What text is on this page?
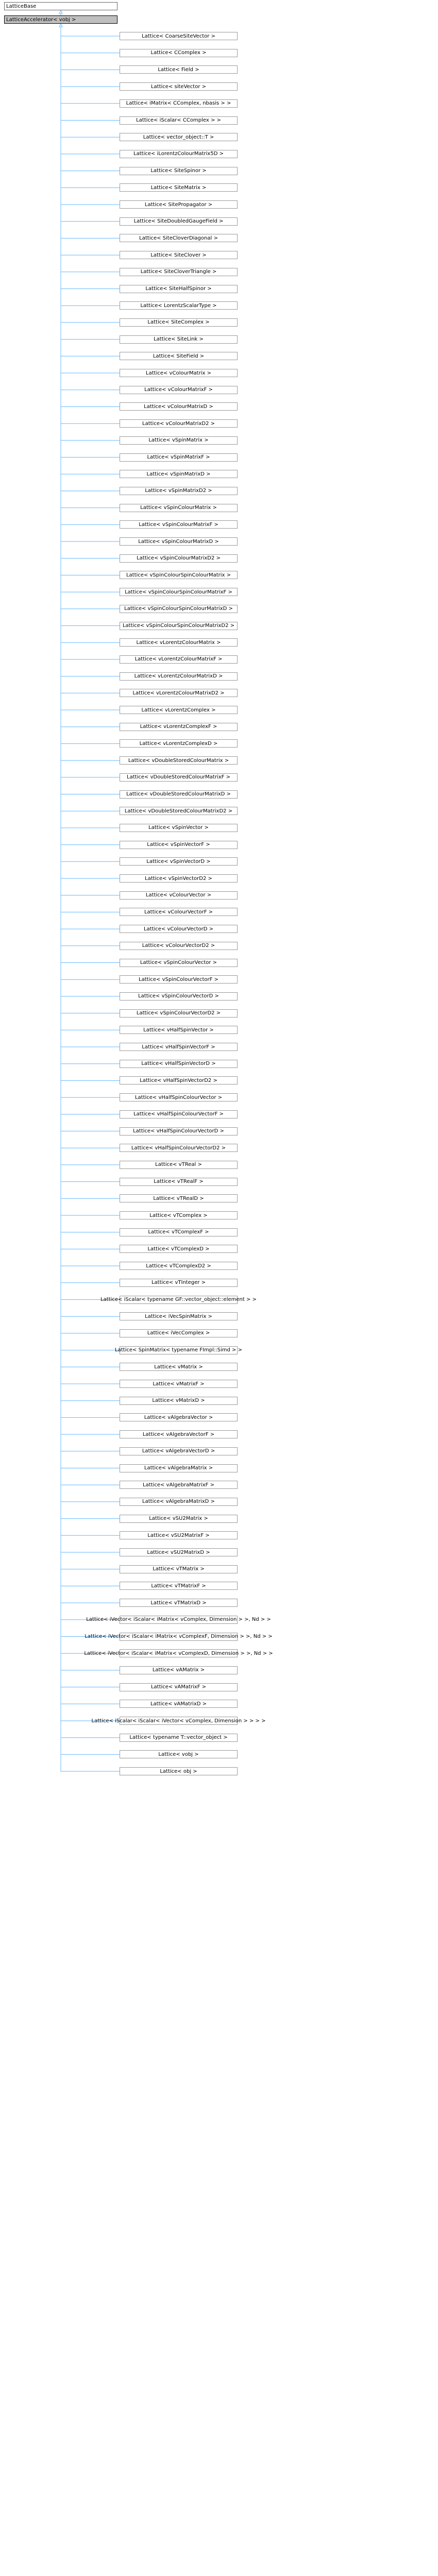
LatticeBase
LatticeAccelerator< vobj >
Lattice< CoarseSiteVector >
Lattice< CComplex >
Lattice< Field >
Lattice< siteVector >
Lattice< iMatrix< CComplex, nbasis > >
Lattice< iScalar< CComplex > >
Lattice< vector_object::T >
Lattice< iLorentzColourMatrix5D >
Lattice< SiteSpinor >
Lattice< SiteMatrix >
Lattice< SitePropagator >
Lattice< SiteDoubledGaugeField >
Lattice< SiteCloverDiagonal >
Lattice< SiteClover >
Lattice< SiteCloverTriangle >
Lattice< SiteHalfSpinor >
Lattice< LorentzScalarType >
Lattice< SiteComplex >
Lattice< SiteLink >
Lattice< SiteField >
Lattice< vColourMatrix >
Lattice< vColourMatrixF >
Lattice< vColourMatrixD >
Lattice< vColourMatrixD2 >
Lattice< vSpinMatrix >
Lattice< vSpinMatrixF >
Lattice< vSpinMatrixD >
Lattice< vSpinMatrixD2 >
Lattice< vSpinColourMatrix >
Lattice< vSpinColourMatrixF >
Lattice< vSpinColourMatrixD >
Lattice< vSpinColourMatrixD2 >
Lattice< vSpinColourSpinColourMatrix >
Lattice< vSpinColourSpinColourMatrixF >
Lattice< vSpinColourSpinColourMatrixD >
Lattice< vSpinColourSpinColourMatrixD2 >
Lattice< vLorentzColourMatrix >
Lattice< vLorentzColourMatrixF >
Lattice< vLorentzColourMatrixD >
Lattice< vLorentzColourMatrixD2 >
Lattice< vLorentzComplex >
Lattice< vLorentzComplexF >
Lattice< vLorentzComplexD >
Lattice< vDoubleStoredColourMatrix >
Lattice< vDoubleStoredColourMatrixF >
Lattice< vDoubleStoredColourMatrixD >
Lattice< vDoubleStoredColourMatrixD2 >
Lattice< vSpinVector >
Lattice< vSpinVectorF >
Lattice< vSpinVectorD >
Lattice< vSpinVectorD2 >
Lattice< vColourVector >
Lattice< vColourVectorF >
Lattice< vColourVectorD >
Lattice< vColourVectorD2 >
Lattice< vSpinColourVector >
Lattice< vSpinColourVectorF >
Lattice< vSpinColourVectorD >
Lattice< vSpinColourVectorD2 >
Lattice< vHalfSpinVector >
Lattice< vHalfSpinVectorF >
Lattice< vHalfSpinVectorD >
Lattice< vHalfSpinVectorD2 >
Lattice< vHalfSpinColourVector >
Lattice< vHalfSpinColourVectorF >
Lattice< vHalfSpinColourVectorD >
Lattice< vHalfSpinColourVectorD2 >
Lattice< vTReal >
Lattice< vTRealF >
Lattice< vTRealD >
Lattice< vTComplex >
Lattice< vTComplexF >
Lattice< vTComplexD >
Lattice< vTComplexD2 >
Lattice< vTInteger >
Lattice< iScalar< typename GF::vector_object::element > >
Lattice< iVecSpinMatrix >
Lattice< iVecComplex >
Lattice< SpinMatrix< typename FImpl::Simd > >
Lattice< vMatrix >
Lattice< vMatrixF >
Lattice< vMatrixD >
Lattice< vAlgebraVector >
Lattice< vAlgebraVectorF >
Lattice< vAlgebraVectorD >
Lattice< vAlgebraMatrix >
Lattice< vAlgebraMatrixF >
Lattice< vAlgebraMatrixD >
Lattice< vSU2Matrix >
Lattice< vSU2MatrixF >
Lattice< vSU2MatrixD >
Lattice< vTMatrix >
Lattice< vTMatrixF >
Lattice< vTMatrixD >
Lattice< iVector< iScalar< iMatrix< vComplex, Dimension > >, Nd > >
Lattice< iVector< iScalar< iMatrix< vComplexF, Dimension > >, Nd > >
Lattice< iVector< iScalar< iMatrix< vComplexD, Dimension > >, Nd > >
Lattice< vAMatrix >
Lattice< vAMatrixF >
Lattice< vAMatrixD >
Lattice< iScalar< iScalar< iVector< vComplex, Dimension > > > >
Lattice< typename T::vector_object >
Lattice< vobj >
Lattice< obj >
